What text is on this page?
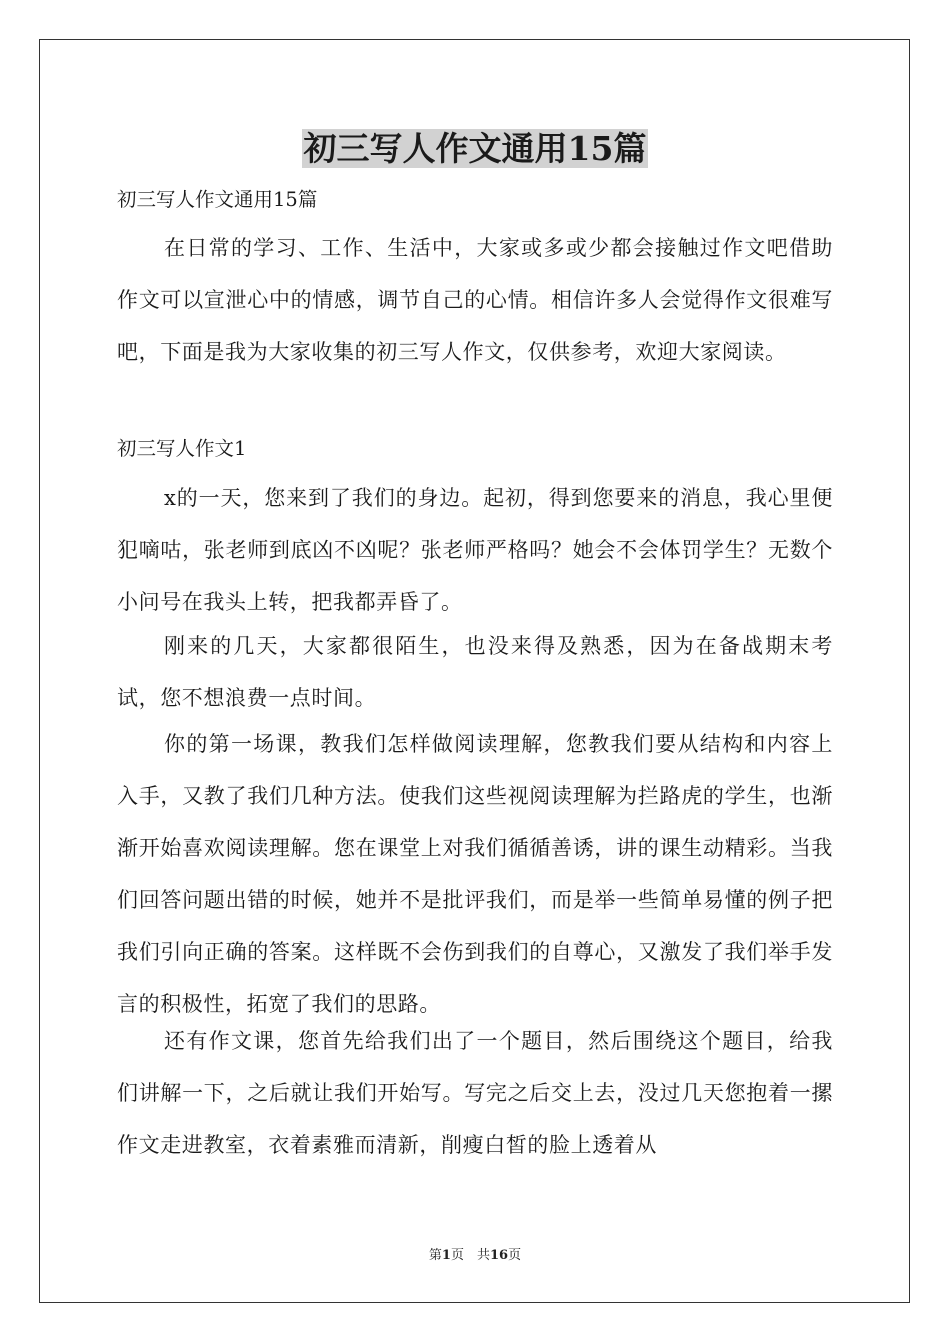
初三写人作文通用15篇
初三写人作文通用15篇

在日常的学习、工作、生活中，大家或多或少都会接触过作文吧借助作文可以宣泄心中的情感，调节自己的心情。相信许多人会觉得作文很难写吧，下面是我为大家收集的初三写人作文，仅供参考，欢迎大家阅读。

初三写人作文1

x的一天，您来到了我们的身边。起初，得到您要来的消息，我心里便犯嘀咕，张老师到底凶不凶呢？张老师严格吗？她会不会体罚学生？无数个小问号在我头上转，把我都弄昏了。

刚来的几天，大家都很陌生，也没来得及熟悉，因为在备战期末考试，您不想浪费一点时间。

你的第一场课，教我们怎样做阅读理解，您教我们要从结构和内容上入手，又教了我们几种方法。使我们这些视阅读理解为拦路虎的学生，也渐渐开始喜欢阅读理解。您在课堂上对我们循循善诱，讲的课生动精彩。当我们回答问题出错的时候，她并不是批评我们，而是举一些简单易懂的例子把我们引向正确的答案。这样既不会伤到我们的自尊心，又激发了我们举手发言的积极性，拓宽了我们的思路。

还有作文课，您首先给我们出了一个题目，然后围绕这个题目，给我们讲解一下，之后就让我们开始写。写完之后交上去，没过几天您抱着一摞作文走进教室，衣着素雅而清新，削瘦白皙的脸上透着从

第1页　共16页
